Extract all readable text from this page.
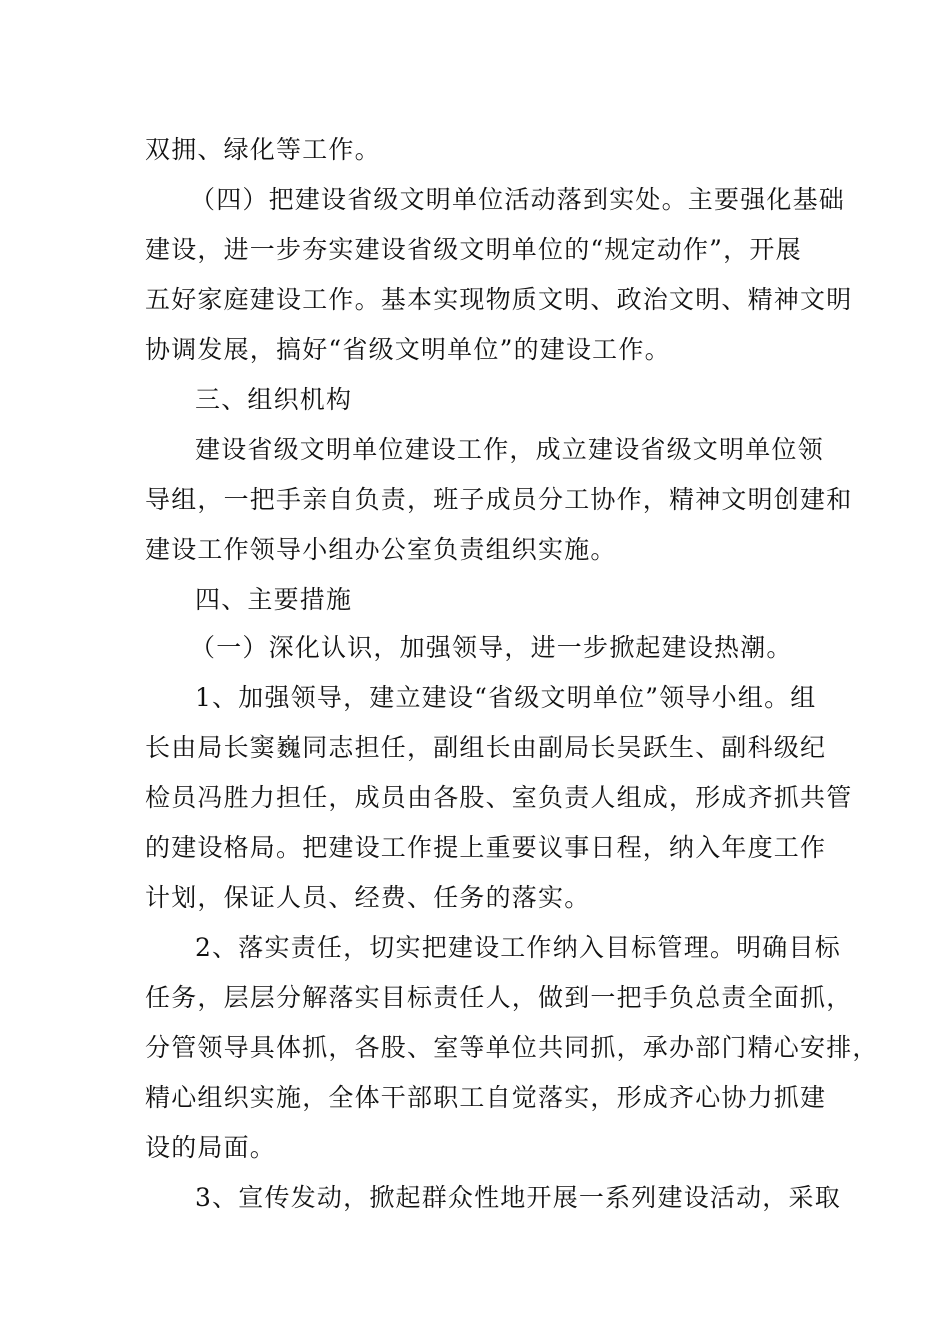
双拥、绿化等工作。
（四）把建设省级文明单位活动落到实处。主要强化基础
建设，进一步夯实建设省级文明单位的“规定动作”，开展
五好家庭建设工作。基本实现物质文明、政治文明、精神文明
协调发展，搞好“省级文明单位”的建设工作。
三、组织机构
建设省级文明单位建设工作，成立建设省级文明单位领
导组，一把手亲自负责，班子成员分工协作，精神文明创建和
建设工作领导小组办公室负责组织实施。
四、主要措施
（一）深化认识，加强领导，进一步掀起建设热潮。
1、加强领导，建立建设“省级文明单位”领导小组。组
长由局长窦巍同志担任，副组长由副局长吴跃生、副科级纪
检员冯胜力担任，成员由各股、室负责人组成，形成齐抓共管
的建设格局。把建设工作提上重要议事日程，纳入年度工作
计划，保证人员、经费、任务的落实。
2、落实责任，切实把建设工作纳入目标管理。明确目标
任务，层层分解落实目标责任人，做到一把手负总责全面抓，
分管领导具体抓，各股、室等单位共同抓，承办部门精心安排，
精心组织实施，全体干部职工自觉落实，形成齐心协力抓建
设的局面。
3、宣传发动，掀起群众性地开展一系列建设活动，采取
